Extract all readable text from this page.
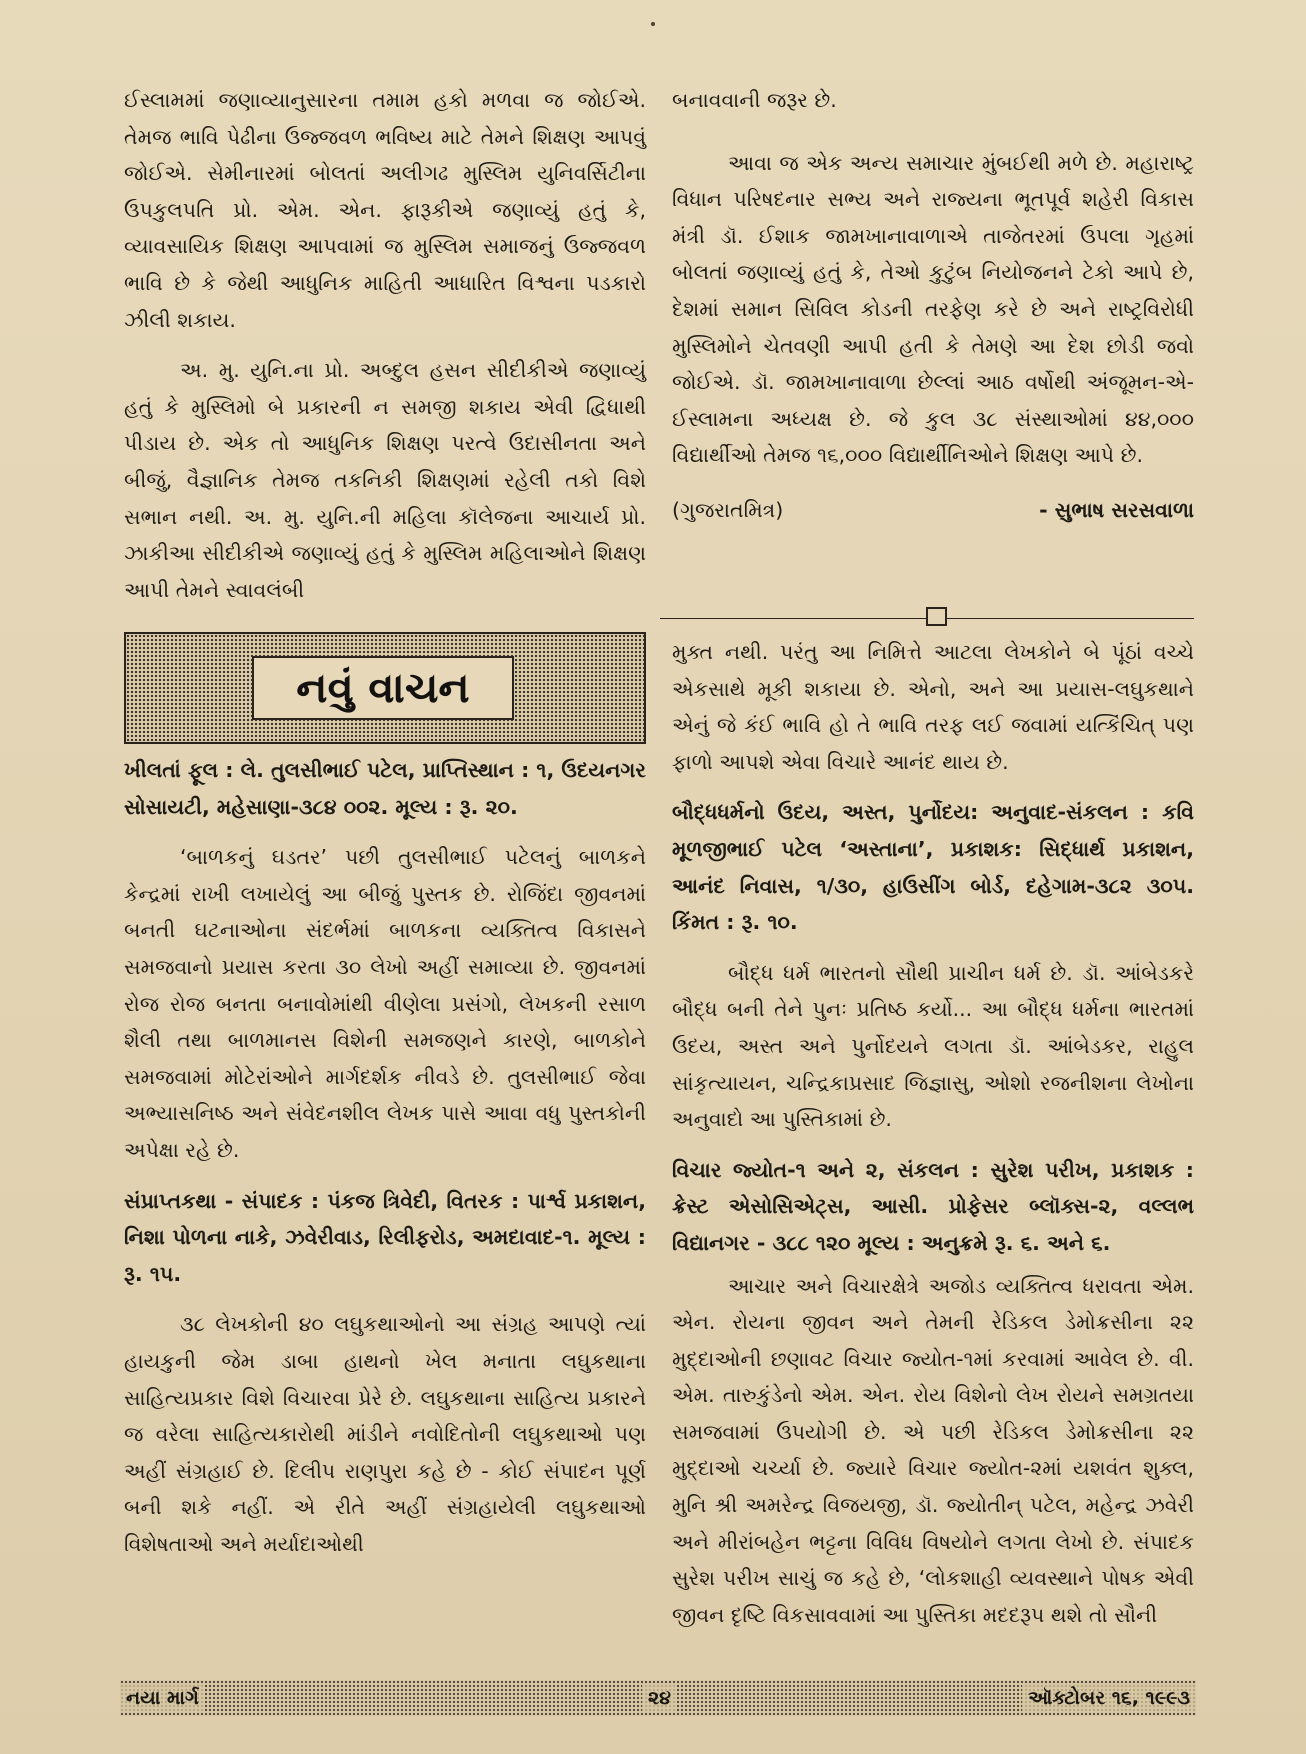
ઈસ્લામમાં જણાવ્યાનુસારના તમામ હકો મળવા જ જોઈએ. તેમજ ભાવિ પેઢીના ઉજ્જવળ ભવિષ્ય માટે તેમને શિક્ષણ આપવું જોઈએ. સેમીનારમાં બોલતાં અલીગઢ મુસ્લિમ યુનિવર્સિટીના ઉપકુલપતિ પ્રો. એમ. એન. ફારૂકીએ જણાવ્યું હતું કે, વ્યાવસાયિક શિક્ષણ આપવામાં જ મુસ્લિમ સમાજનું ઉજ્જવળ ભાવિ છે કે જેથી આધુનિક માહિતી આધારિત વિશ્વના પડકારો ઝીલી શકાય.

અ. મુ. યુનિ.ના પ્રો. અબ્દુલ હસન સીદીકીએ જણાવ્યું હતું કે મુસ્લિમો બે પ્રકારની ન સમજી શકાય એવી દ્વિધાથી પીડાય છે. એક તો આધુનિક શિક્ષણ પરત્વે ઉદાસીનતા અને બીજું, વૈજ્ઞાનિક તેમજ તકનિકી શિક્ષણમાં રહેલી તકો વિશે સભાન નથી. અ. મુ. યુનિ.ની મહિલા કૉલેજના આચાર્ય પ્રો. ઝાકીઆ સીદીકીએ જણાવ્યું હતું કે મુસ્લિમ મહિલાઓને શિક્ષણ આપી તેમને સ્વાવલંબી

બનાવવાની જરૂર છે.

આવા જ એક અન્ય સમાચાર મુંબઈથી મળે છે. મહારાષ્ટ્ર વિધાન પરિષદનાર સભ્ય અને રાજ્યના ભૂતપૂર્વ શહેરી વિકાસ મંત્રી ડૉ. ઈશાક જામખાનાવાળાએ તાજેતરમાં ઉપલા ગૃહમાં બોલતાં જણાવ્યું હતું કે, તેઓ કુટુંબ નિયોજનને ટેકો આપે છે, દેશમાં સમાન સિવિલ કોડની તરફેણ કરે છે અને રાષ્ટ્રવિરોધી મુસ્લિમોને ચેતવણી આપી હતી કે તેમણે આ દેશ છોડી જવો જોઈએ. ડૉ. જામખાનાવાળા છેલ્લાં આઠ વર્ષોથી અંજૂમન-એ-ઈસ્લામના અધ્યક્ષ છે. જે કુલ ૩૮ સંસ્થાઓમાં ૪૪,૦૦૦ વિદ્યાર્થીઓ તેમજ ૧૬,૦૦૦ વિદ્યાર્થીનિઓને શિક્ષણ આપે છે.

(ગુજરાતમિત્ર)	- સુભાષ સરસવાળા
નવું વાચન

ખીલતાં ફૂલ : લે. તુલસીભાઈ પટેલ, પ્રાપ્તિસ્થાન : ૧, ઉદયનગર સોસાયટી, મહેસાણા-૩૮૪ ૦૦૨. મૂલ્ય : રૂ. ૨૦.

‘બાળકનું ઘડતર’ પછી તુલસીભાઈ પટેલનું બાળકને કેન્દ્રમાં રાખી લખાયેલું આ બીજું પુસ્તક છે. રોજિંદા જીવનમાં બનતી ઘટનાઓના સંદર્ભમાં બાળકના વ્યક્તિત્વ વિકાસને સમજવાનો પ્રયાસ કરતા ૩૦ લેખો અહીં સમાવ્યા છે. જીવનમાં રોજ રોજ બનતા બનાવોમાંથી વીણેલા પ્રસંગો, લેખકની રસાળ શૈલી તથા બાળમાનસ વિશેની સમજણને કારણે, બાળકોને સમજવામાં મોટેરાંઓને માર્ગદર્શક નીવડે છે. તુલસીભાઈ જેવા અભ્યાસનિષ્ઠ અને સંવેદનશીલ લેખક પાસે આવા વધુ પુસ્તકોની અપેક્ષા રહે છે.

સંપ્રાપ્તકથા - સંપાદક : પંકજ ત્રિવેદી, વિતરક : પાર્શ્વ પ્રકાશન, નિશા પોળના નાકે, ઝવેરીવાડ, રિલીફરોડ, અમદાવાદ-૧. મૂલ્ય : રૂ. ૧૫.

૩૮ લેખકોની ૪૦ લઘુકથાઓનો આ સંગ્રહ આપણે ત્યાં હાયકુની જેમ ડાબા હાથનો ખેલ મનાતા લઘુકથાના સાહિત્યપ્રકાર વિશે વિચારવા પ્રેરે છે. લઘુકથાના સાહિત્ય પ્રકારને જ વરેલા સાહિત્યકારોથી માંડીને નવોદિતોની લઘુકથાઓ પણ અહીં સંગ્રહાઈ છે. દિલીપ રાણપુરા કહે છે - કોઈ સંપાદન પૂર્ણ બની શકે નહીં. એ રીતે અહીં સંગ્રહાયેલી લઘુકથાઓ વિશેષતાઓ અને મર્યાદાઓથી

મુક્ત નથી. પરંતુ આ નિમિત્તે આટલા લેખકોને બે પૂંઠાં વચ્ચે એકસાથે મૂકી શકાયા છે. એનો, અને આ પ્રયાસ-લઘુકથાને એનું જે કંઈ ભાવિ હો તે ભાવિ તરફ લઈ જવામાં યત્કિંચિત્ પણ ફાળો આપશે એવા વિચારે આનંદ થાય છે.

બૌદ્ધધર્મનો ઉદય, અસ્ત, પુર્નોદય: અનુવાદ-સંકલન : કવિ મૂળજીભાઈ પટેલ ‘અસ્તાના’, પ્રકાશક: સિદ્ધાર્થ પ્રકાશન, આનંદ નિવાસ, ૧/૩૦, હાઉસીંગ બોર્ડ, દહેગામ-૩૮૨ ૩૦૫. કિંમત : રૂ. ૧૦.

બૌદ્ધ ધર્મ ભારતનો સૌથી પ્રાચીન ધર્મ છે. ડૉ. આંબેડકરે બૌદ્ધ બની તેને પુનઃ પ્રતિષ્ઠ કર્યો... આ બૌદ્ધ ધર્મના ભારતમાં ઉદય, અસ્ત અને પુર્નોદયને લગતા ડૉ. આંબેડકર, રાહુલ સાંકૃત્યાયન, ચન્દ્રિકાપ્રસાદ જિજ્ઞાસુ, ઓશો રજનીશના લેખોના અનુવાદો આ પુસ્તિકામાં છે.

વિચાર જ્યોત-૧ અને ૨, સંકલન : સુરેશ પરીખ, પ્રકાશક : ક્રેસ્ટ એસોસિએટ્સ, આસી. પ્રોફેસર બ્લૉક્સ-૨, વલ્લભ વિદ્યાનગર - ૩૮૮ ૧૨૦ મૂલ્ય : અનુક્રમે રૂ. ૬. અને ૬.

આચાર અને વિચારક્ષેત્રે અજોડ વ્યક્તિત્વ ધરાવતા એમ. એન. રોયના જીવન અને તેમની રેડિકલ ડેમોક્રસીના ૨૨ મુદ્દાઓની છણાવટ વિચાર જ્યોત-૧માં કરવામાં આવેલ છે. વી. એમ. તારુકુંડેનો એમ. એન. રોય વિશેનો લેખ રોયને સમગ્રતયા સમજવામાં ઉપયોગી છે. એ પછી રેડિકલ ડેમોક્રસીના ૨૨ મુદ્દાઓ ચર્ચ્યા છે. જ્યારે વિચાર જ્યોત-૨માં યશવંત શુક્લ, મુનિ શ્રી અમરેન્દ્ર વિજયજી, ડૉ. જ્યોતીન્ પટેલ, મહેન્દ્ર ઝવેરી અને મીરાંબહેન ભટ્ટના વિવિધ વિષયોને લગતા લેખો છે. સંપાદક સુરેશ પરીખ સાચું જ કહે છે, ‘લોકશાહી વ્યવસ્થાને પોષક એવી જીવન દૃષ્ટિ વિકસાવવામાં આ પુસ્તિકા મદદરૂપ થશે તો સૌની

નયા માર્ગ	૨૪	ઑક્ટોબર ૧૬, ૧૯૯૩
